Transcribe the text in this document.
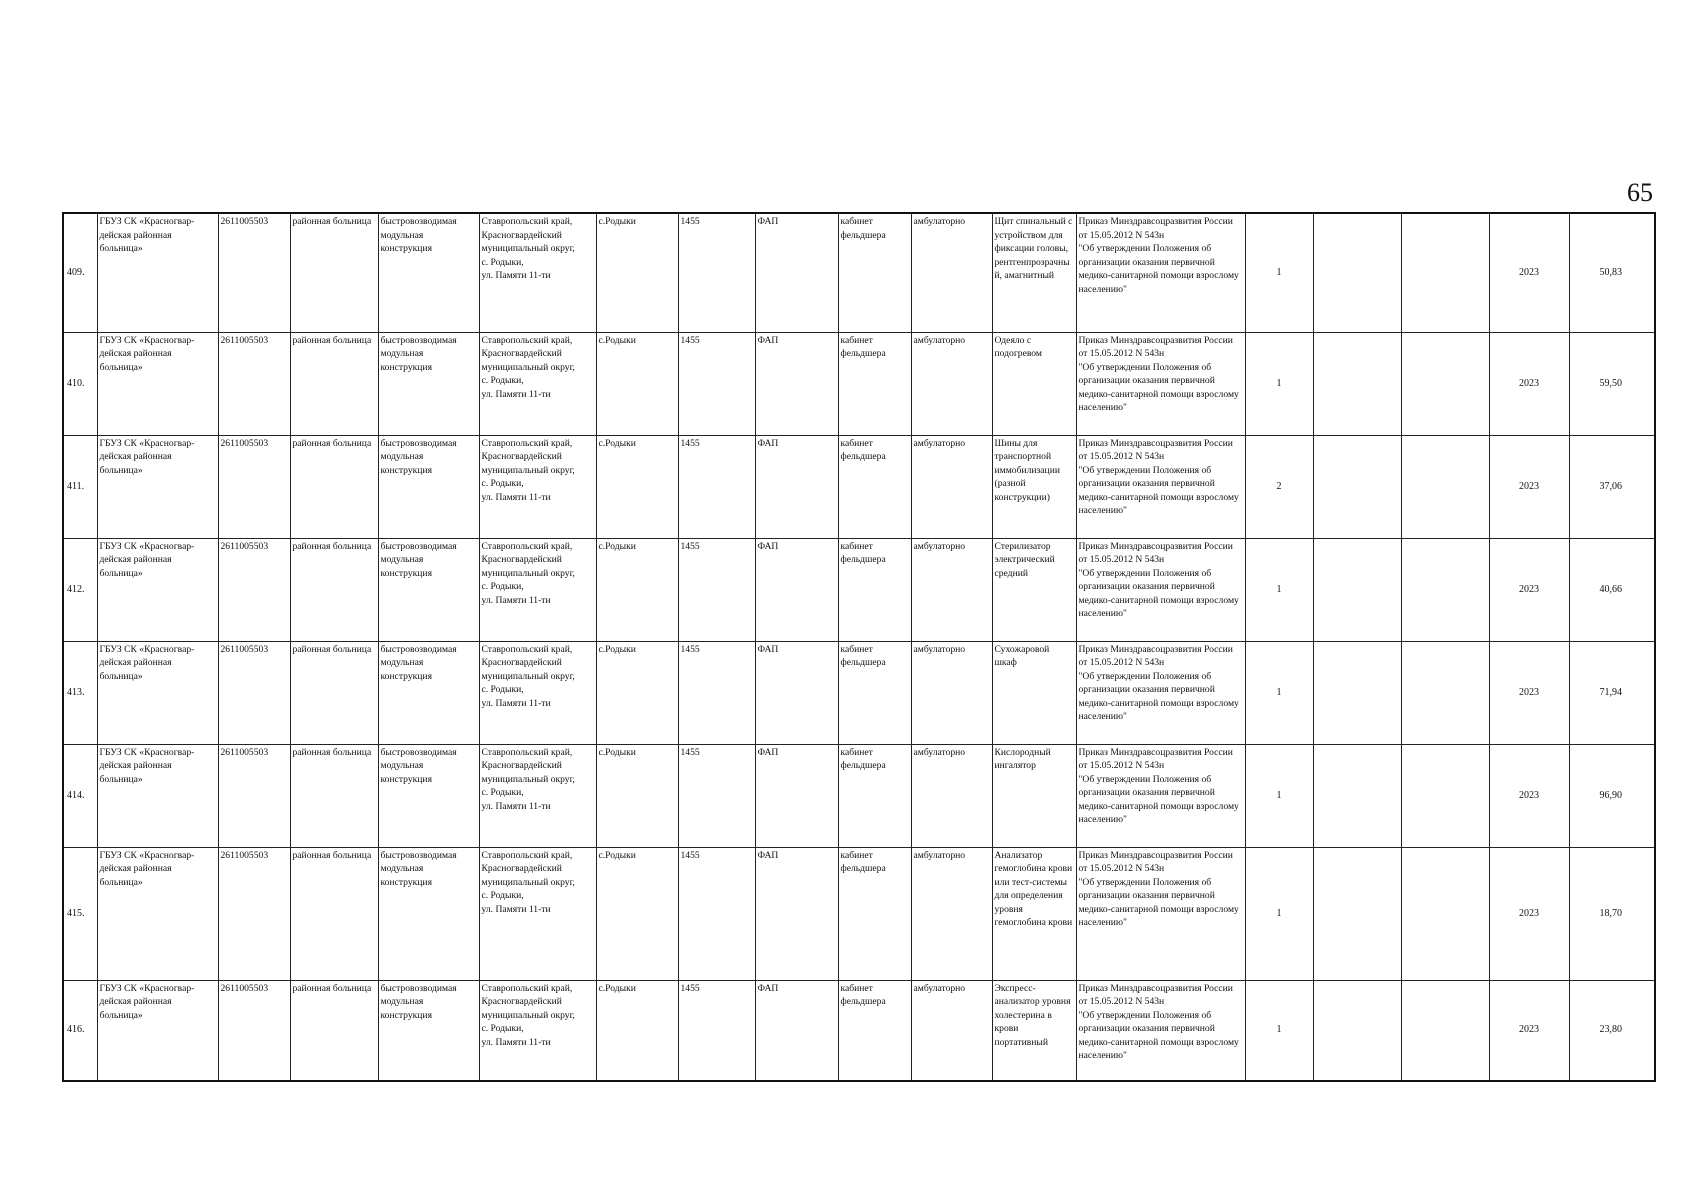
65
409.	ГБУЗ СК «Красногвар-дейская районная больница»	2611005503	районная больница	быстровозводимая модульная конструкция	Ставропольский край,
Красногвардейский муниципальный округ,
с. Родыки,
ул. Памяти 11-ти	с.Родыки	1455	ФАП	кабинет фельдшера	амбулаторно	Щит спинальный с устройством для фиксации головы, рентгенпрозрачный, амагнитный	Приказ Минздравсоцразвития России от 15.05.2012 N 543н
"Об утверждении Положения об организации оказания первичной медико-санитарной помощи взрослому населению"	1			2023	50,83
410.	ГБУЗ СК «Красногвар-дейская районная больница»	2611005503	районная больница	быстровозводимая модульная конструкция	Ставропольский край,
Красногвардейский муниципальный округ,
с. Родыки,
ул. Памяти 11-ти	с.Родыки	1455	ФАП	кабинет фельдшера	амбулаторно	Одеяло с подогревом	Приказ Минздравсоцразвития России от 15.05.2012 N 543н
"Об утверждении Положения об организации оказания первичной медико-санитарной помощи взрослому населению"	1			2023	59,50
411.	ГБУЗ СК «Красногвар-дейская районная больница»	2611005503	районная больница	быстровозводимая модульная конструкция	Ставропольский край,
Красногвардейский муниципальный округ,
с. Родыки,
ул. Памяти 11-ти	с.Родыки	1455	ФАП	кабинет фельдшера	амбулаторно	Шины для транспортной иммобилизации (разной конструкции)	Приказ Минздравсоцразвития России от 15.05.2012 N 543н
"Об утверждении Положения об организации оказания первичной медико-санитарной помощи взрослому населению"	2			2023	37,06
412.	ГБУЗ СК «Красногвар-дейская районная больница»	2611005503	районная больница	быстровозводимая модульная конструкция	Ставропольский край,
Красногвардейский муниципальный округ,
с. Родыки,
ул. Памяти 11-ти	с.Родыки	1455	ФАП	кабинет фельдшера	амбулаторно	Стерилизатор электрический средний	Приказ Минздравсоцразвития России от 15.05.2012 N 543н
"Об утверждении Положения об организации оказания первичной медико-санитарной помощи взрослому населению"	1			2023	40,66
413.	ГБУЗ СК «Красногвар-дейская районная больница»	2611005503	районная больница	быстровозводимая модульная конструкция	Ставропольский край,
Красногвардейский муниципальный округ,
с. Родыки,
ул. Памяти 11-ти	с.Родыки	1455	ФАП	кабинет фельдшера	амбулаторно	Сухожаровой шкаф	Приказ Минздравсоцразвития России от 15.05.2012 N 543н
"Об утверждении Положения об организации оказания первичной медико-санитарной помощи взрослому населению"	1			2023	71,94
414.	ГБУЗ СК «Красногвар-дейская районная больница»	2611005503	районная больница	быстровозводимая модульная конструкция	Ставропольский край,
Красногвардейский муниципальный округ,
с. Родыки,
ул. Памяти 11-ти	с.Родыки	1455	ФАП	кабинет фельдшера	амбулаторно	Кислородный ингалятор	Приказ Минздравсоцразвития России от 15.05.2012 N 543н
"Об утверждении Положения об организации оказания первичной медико-санитарной помощи взрослому населению"	1			2023	96,90
415.	ГБУЗ СК «Красногвар-дейская районная больница»	2611005503	районная больница	быстровозводимая модульная конструкция	Ставропольский край,
Красногвардейский муниципальный округ,
с. Родыки,
ул. Памяти 11-ти	с.Родыки	1455	ФАП	кабинет фельдшера	амбулаторно	Анализатор гемоглобина крови или тест-системы для определения уровня гемоглобина крови	Приказ Минздравсоцразвития России от 15.05.2012 N 543н
"Об утверждении Положения об организации оказания первичной медико-санитарной помощи взрослому населению"	1			2023	18,70
416.	ГБУЗ СК «Красногвар-дейская районная больница»	2611005503	районная больница	быстровозводимая модульная конструкция	Ставропольский край,
Красногвардейский муниципальный округ,
с. Родыки,
ул. Памяти 11-ти	с.Родыки	1455	ФАП	кабинет фельдшера	амбулаторно	Экспресс-анализатор уровня холестерина в крови портативный	Приказ Минздравсоцразвития России от 15.05.2012 N 543н
"Об утверждении Положения об организации оказания первичной медико-санитарной помощи взрослому населению"	1			2023	23,80
